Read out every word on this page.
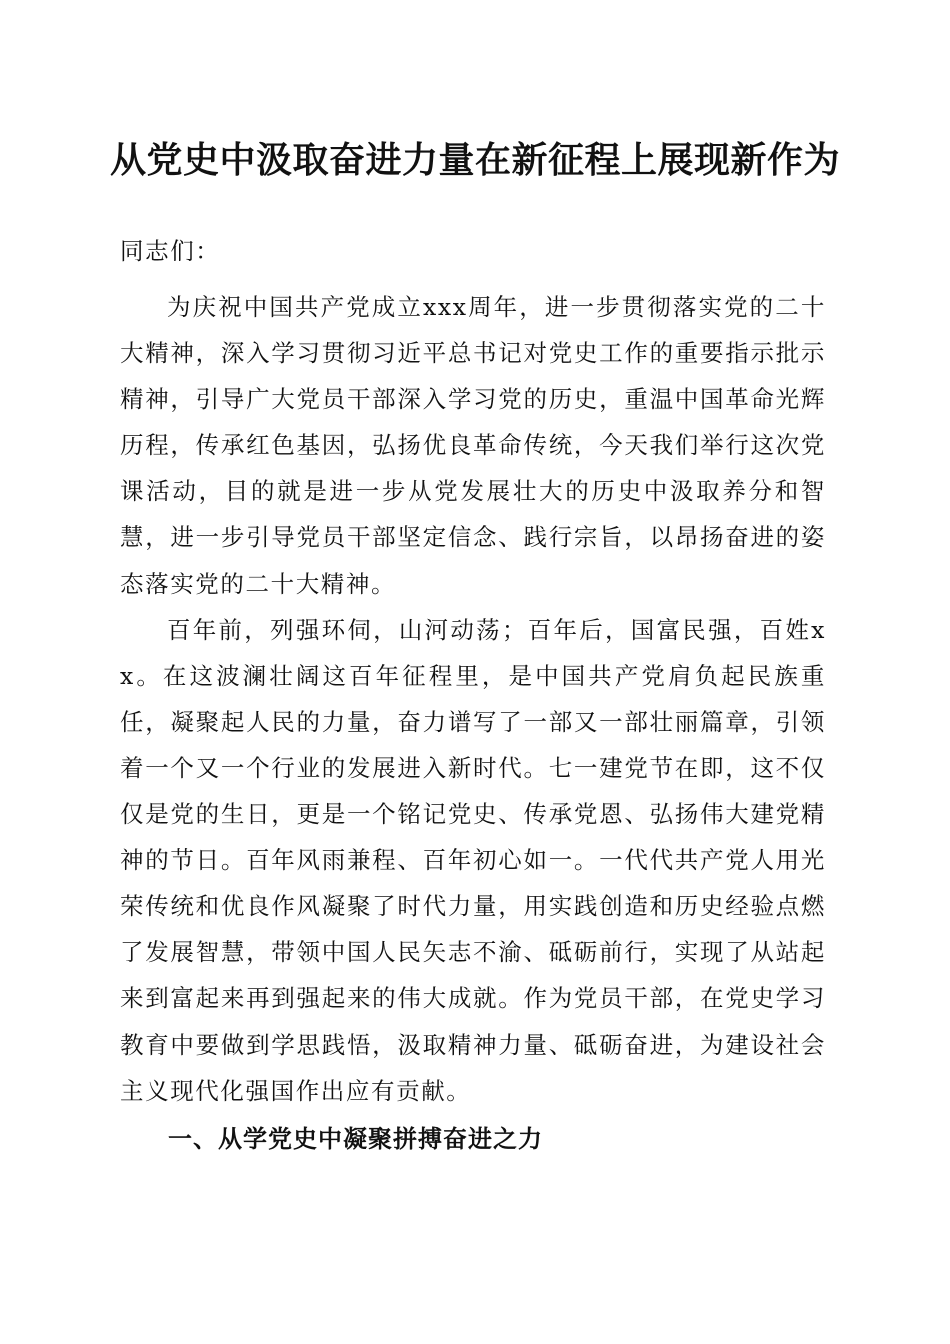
从党史中汲取奋进力量在新征程上展现新作为

同志们：

为庆祝中国共产党成立xxx周年，进一步贯彻落实党的二十大精神，深入学习贯彻习近平总书记对党史工作的重要指示批示精神，引导广大党员干部深入学习党的历史，重温中国革命光辉历程，传承红色基因，弘扬优良革命传统，今天我们举行这次党课活动，目的就是进一步从党发展壮大的历史中汲取养分和智慧，进一步引导党员干部坚定信念、践行宗旨，以昂扬奋进的姿态落实党的二十大精神。

百年前，列强环伺，山河动荡；百年后，国富民强，百姓xx。在这波澜壮阔这百年征程里，是中国共产党肩负起民族重任，凝聚起人民的力量，奋力谱写了一部又一部壮丽篇章，引领着一个又一个行业的发展进入新时代。七一建党节在即，这不仅仅是党的生日，更是一个铭记党史、传承党恩、弘扬伟大建党精神的节日。百年风雨兼程、百年初心如一。一代代共产党人用光荣传统和优良作风凝聚了时代力量，用实践创造和历史经验点燃了发展智慧，带领中国人民矢志不渝、砥砺前行，实现了从站起来到富起来再到强起来的伟大成就。作为党员干部，在党史学习教育中要做到学思践悟，汲取精神力量、砥砺奋进，为建设社会主义现代化强国作出应有贡献。

一、从学党史中凝聚拼搏奋进之力
